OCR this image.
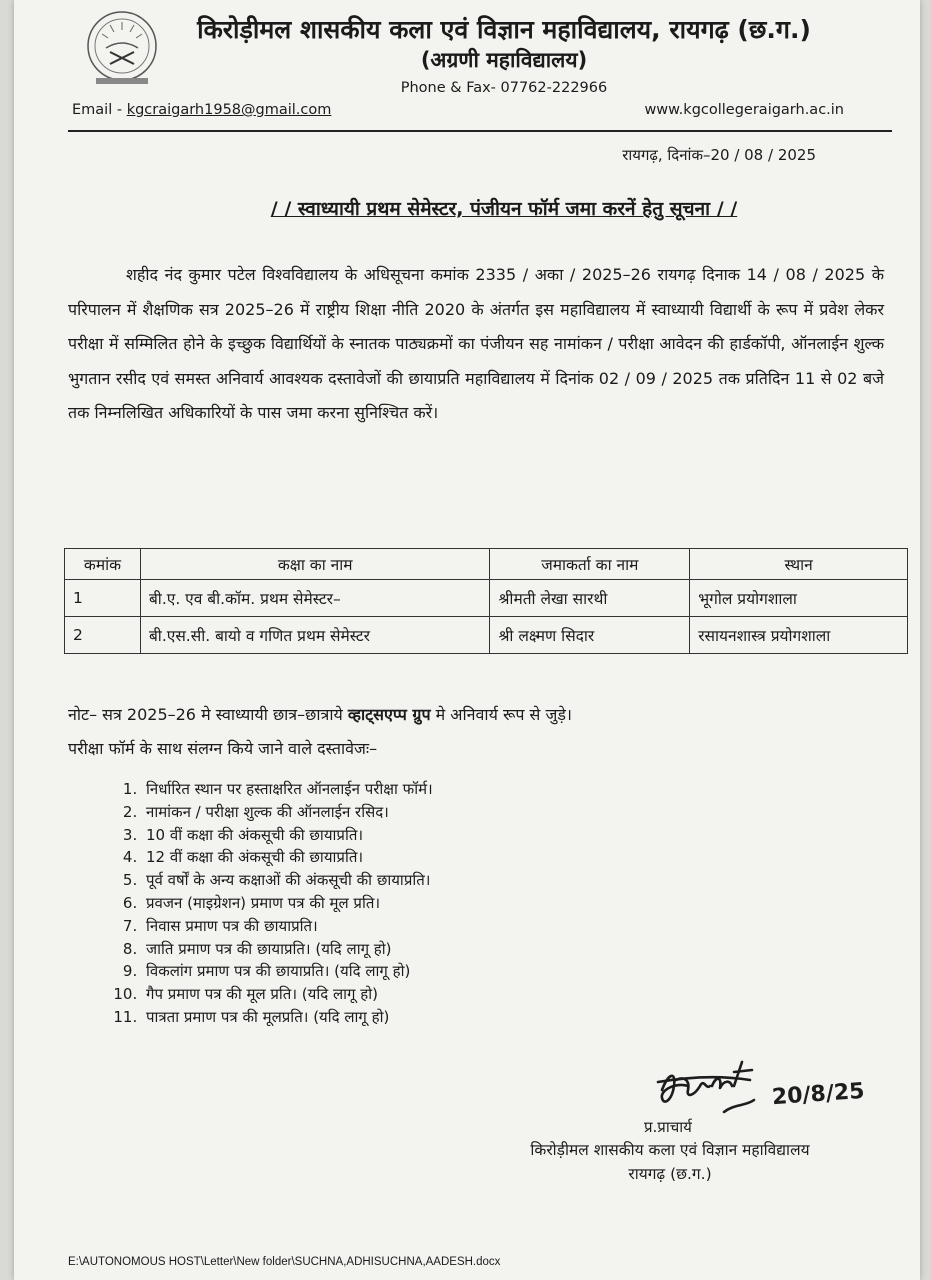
किरोड़ीमल शासकीय कला एवं विज्ञान महाविद्यालय, रायगढ़ (छ.ग.)
(अग्रणी महाविद्यालय)
Phone & Fax- 07762-222966
Email - kgcraigarh1958@gmail.com	www.kgcollegeraigarh.ac.in
रायगढ़, दिनांक–20 / 08 / 2025
/ / स्वाध्यायी प्रथम सेमेस्टर, पंजीयन फॉर्म जमा करनें हेतु सूचना / /
शहीद नंद कुमार पटेल विश्वविद्यालय के अधिसूचना कमांक 2335 / अका / 2025–26 रायगढ़ दिनाक 14 / 08 / 2025 के परिपालन में शैक्षणिक सत्र 2025–26 में राष्ट्रीय शिक्षा नीति 2020 के अंतर्गत इस महाविद्यालय में स्वाध्यायी विद्यार्थी के रूप में प्रवेश लेकर परीक्षा में सम्मिलित होने के इच्छुक विद्यार्थियों के स्नातक पाठ्यक्रमों का पंजीयन सह नामांकन / परीक्षा आवेदन की हार्डकॉपी, ऑनलाईन शुल्क भुगतान रसीद एवं समस्त अनिवार्य आवश्यक दस्तावेजों की छायाप्रति महाविद्यालय में दिनांक 02 / 09 / 2025 तक प्रतिदिन 11 से 02 बजे तक निम्नलिखित अधिकारियों के पास जमा करना सुनिश्चित करें।
कमांक	कक्षा का नाम	जमाकर्ता का नाम	स्थान
1	बी.ए. एव बी.कॉम. प्रथम सेमेस्टर–	श्रीमती लेखा सारथी	भूगोल प्रयोगशाला
2	बी.एस.सी. बायो व गणित प्रथम सेमेस्टर	श्री लक्ष्मण सिदार	रसायनशास्त्र प्रयोगशाला
नोट– सत्र 2025–26 मे स्वाध्यायी छात्र–छात्राये व्हाट्सएप्प ग्रुप मे अनिवार्य रूप से जुड़े।
परीक्षा फॉर्म के साथ संलग्न किये जाने वाले दस्तावेजः–
1. निर्धारित स्थान पर हस्ताक्षरित ऑनलाईन परीक्षा फॉर्म।
2. नामांकन / परीक्षा शुल्क की ऑनलाईन रसिद।
3. 10 वीं कक्षा की अंकसूची की छायाप्रति।
4. 12 वीं कक्षा की अंकसूची की छायाप्रति।
5. पूर्व वर्षों के अन्य कक्षाओं की अंकसूची की छायाप्रति।
6. प्रवजन (माइग्रेशन) प्रमाण पत्र की मूल प्रति।
7. निवास प्रमाण पत्र की छायाप्रति।
8. जाति प्रमाण पत्र की छायाप्रति। (यदि लागू हो)
9. विकलांग प्रमाण पत्र की छायाप्रति। (यदि लागू हो)
10. गैप प्रमाण पत्र की मूल प्रति। (यदि लागू हो)
11. पात्रता प्रमाण पत्र की मूलप्रति। (यदि लागू हो)
20/8/25
प्र.प्राचार्य
किरोड़ीमल शासकीय कला एवं विज्ञान महाविद्यालय
रायगढ़ (छ.ग.)
E:\AUTONOMOUS HOST\Letter\New folder\SUCHNA,ADHISUCHNA,AADESH.docx
